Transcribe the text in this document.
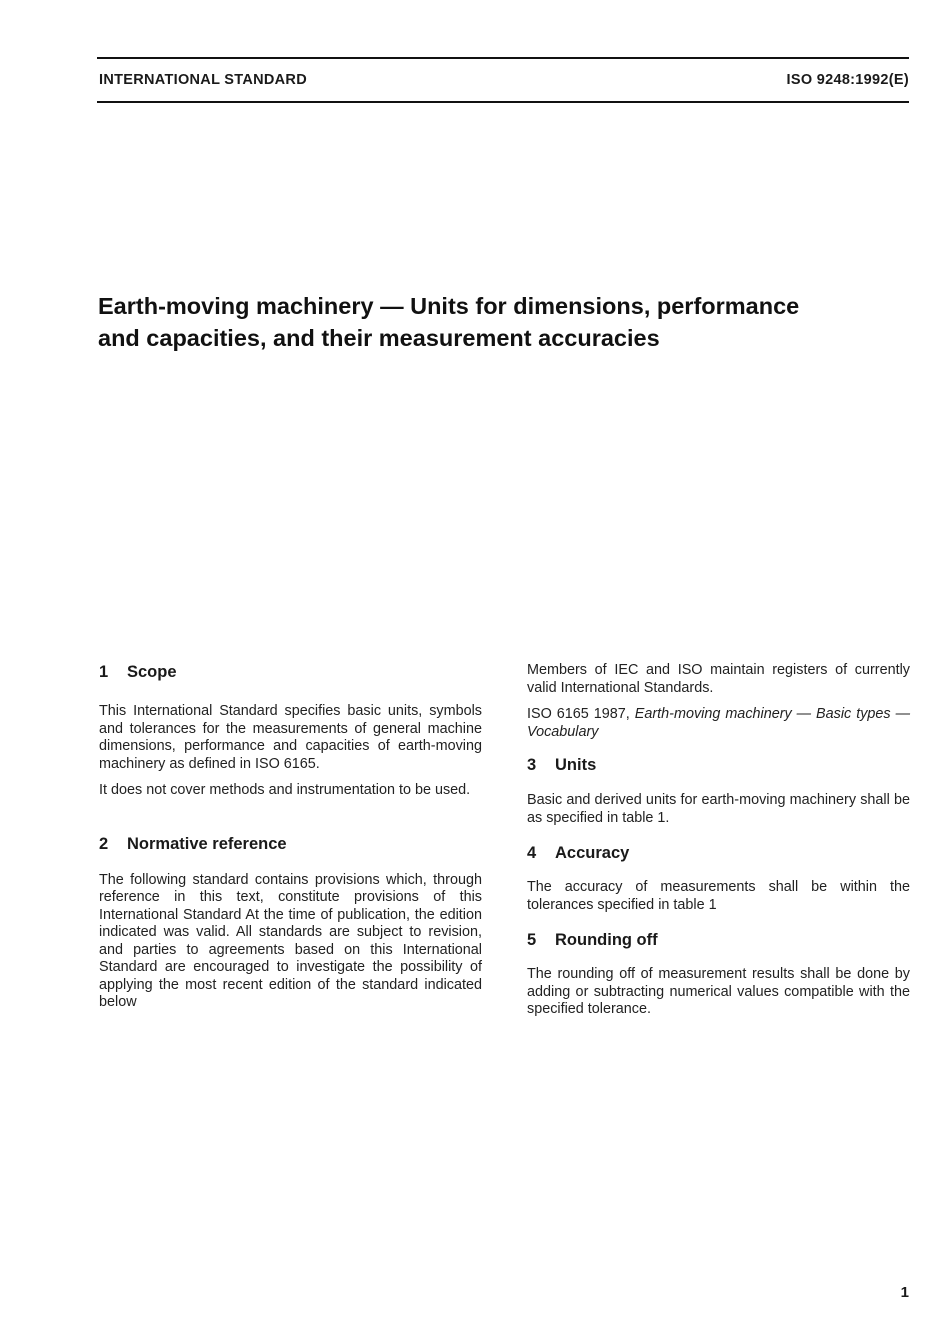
INTERNATIONAL STANDARD	ISO 9248:1992(E)
Earth-moving machinery — Units for dimensions, performance
and capacities, and their measurement accuracies
1 Scope

This International Standard specifies basic units, symbols and tolerances for the measurements of general machine dimensions, performance and capacities of earth-moving machinery as defined in ISO 6165.

It does not cover methods and instrumentation to be used.

2 Normative reference

The following standard contains provisions which, through reference in this text, constitute provisions of this International Standard At the time of publication, the edition indicated was valid. All standards are subject to revision, and parties to agreements based on this International Standard are encouraged to investigate the possibility of applying the most recent edition of the standard indicated below

Members of IEC and ISO maintain registers of currently valid International Standards.

ISO 6165 1987, Earth-moving machinery — Basic types — Vocabulary

3 Units

Basic and derived units for earth-moving machinery shall be as specified in table 1.

4 Accuracy

The accuracy of measurements shall be within the tolerances specified in table 1

5 Rounding off

The rounding off of measurement results shall be done by adding or subtracting numerical values compatible with the specified tolerance.

1
